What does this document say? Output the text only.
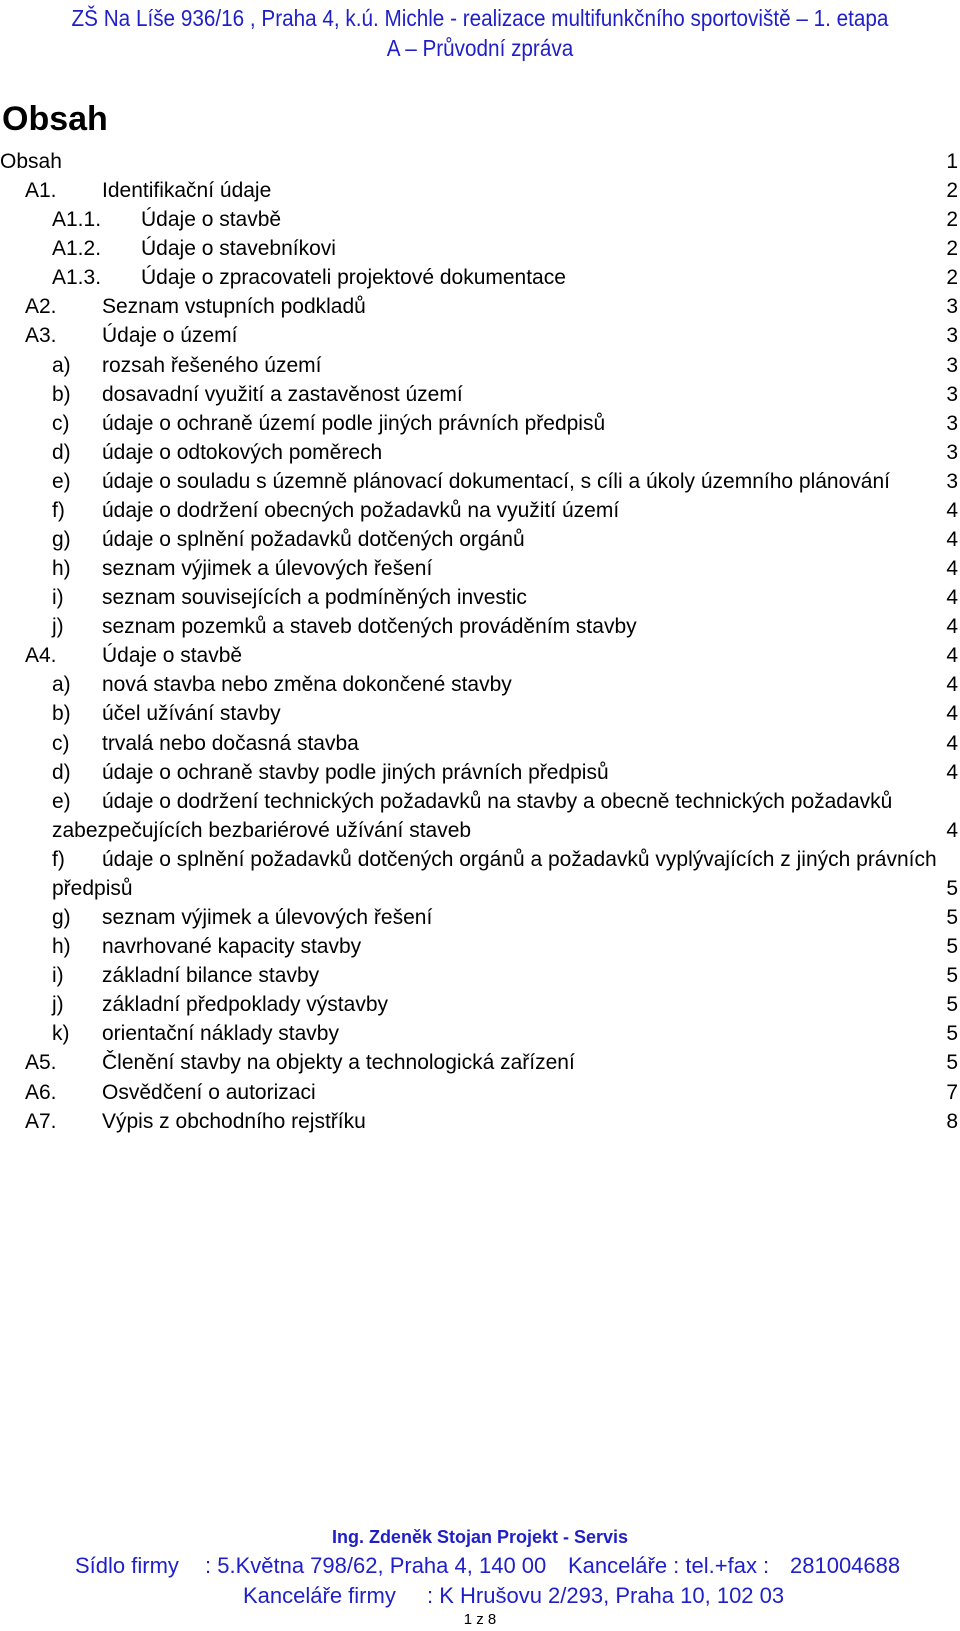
ZŠ Na Líše 936/16 , Praha 4, k.ú. Michle - realizace multifunkčního sportoviště – 1. etapa
A – Průvodní zpráva
Obsah
Obsah	1
A1. Identifikační údaje	2
A1.1. Údaje o stavbě	2
A1.2. Údaje o stavebníkovi	2
A1.3. Údaje o zpracovateli projektové dokumentace	2
A2. Seznam vstupních podkladů	3
A3. Údaje o území	3
a) rozsah řešeného území	3
b) dosavadní využití a zastavěnost území	3
c) údaje o ochraně území podle jiných právních předpisů	3
d) údaje o odtokových poměrech	3
e) údaje o souladu s územně plánovací dokumentací, s cíli a úkoly územního plánování	3
f) údaje o dodržení obecných požadavků na využití území	4
g) údaje o splnění požadavků dotčených orgánů	4
h) seznam výjimek a úlevových řešení	4
i) seznam souvisejících a podmíněných investic	4
j) seznam pozemků a staveb dotčených prováděním stavby	4
A4. Údaje o stavbě	4
a) nová stavba nebo změna dokončené stavby	4
b) účel užívání stavby	4
c) trvalá nebo dočasná stavba	4
d) údaje o ochraně stavby podle jiných právních předpisů	4
e) údaje o dodržení technických požadavků na stavby a obecně technických požadavků
zabezpečujících bezbariérové užívání staveb	4
f) údaje o splnění požadavků dotčených orgánů a požadavků vyplývajících z jiných právních
předpisů	5
g) seznam výjimek a úlevových řešení	5
h) navrhované kapacity stavby	5
i) základní bilance stavby	5
j) základní předpoklady výstavby	5
k) orientační náklady stavby	5
A5. Členění stavby na objekty a technologická zařízení	5
A6. Osvědčení o autorizaci	7
A7. Výpis z obchodního rejstříku	8
Ing. Zdeněk Stojan Projekt - Servis
Sídlo firmy : 5.Května 798/62, Praha 4, 140 00 Kanceláře : tel.+fax : 281004688
Kanceláře firmy : K Hrušovu 2/293, Praha 10, 102 03
1 z 8
